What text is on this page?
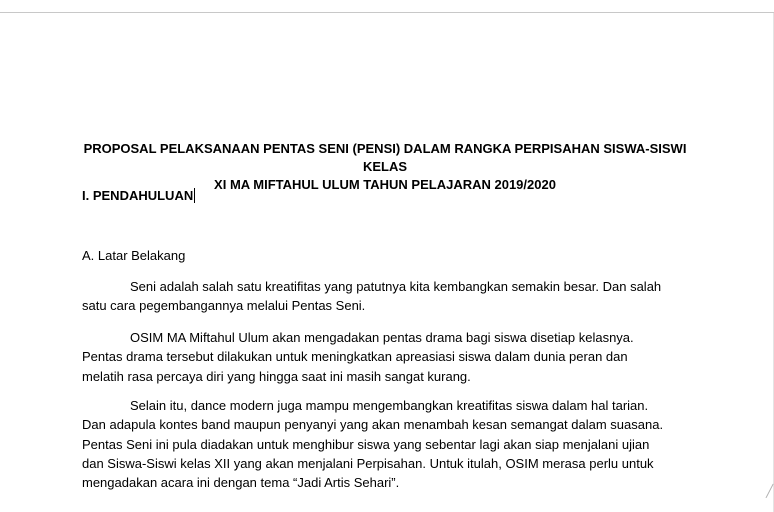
PROPOSAL PELAKSANAAN PENTAS SENI (PENSI) DALAM RANGKA PERPISAHAN SISWA-SISWI KELAS
XI MA MIFTAHUL ULUM TAHUN PELAJARAN 2019/2020
I. PENDAHULUAN
A. Latar Belakang
Seni adalah salah satu kreatifitas yang patutnya kita kembangkan semakin besar. Dan salah
satu cara pegembangannya melalui Pentas Seni.
OSIM MA Miftahul Ulum akan mengadakan pentas drama bagi siswa disetiap kelasnya.
Pentas drama tersebut dilakukan untuk meningkatkan apreasiasi siswa dalam dunia peran dan
melatih rasa percaya diri yang hingga saat ini masih sangat kurang.
Selain itu, dance modern juga mampu mengembangkan kreatifitas siswa dalam hal tarian.
Dan adapula kontes band maupun penyanyi yang akan menambah kesan semangat dalam suasana.
Pentas Seni ini pula diadakan untuk menghibur siswa yang sebentar lagi akan siap menjalani ujian
dan Siswa-Siswi kelas XII yang akan menjalani Perpisahan. Untuk itulah, OSIM merasa perlu untuk
mengadakan acara ini dengan tema “Jadi Artis Sehari”.
╱
